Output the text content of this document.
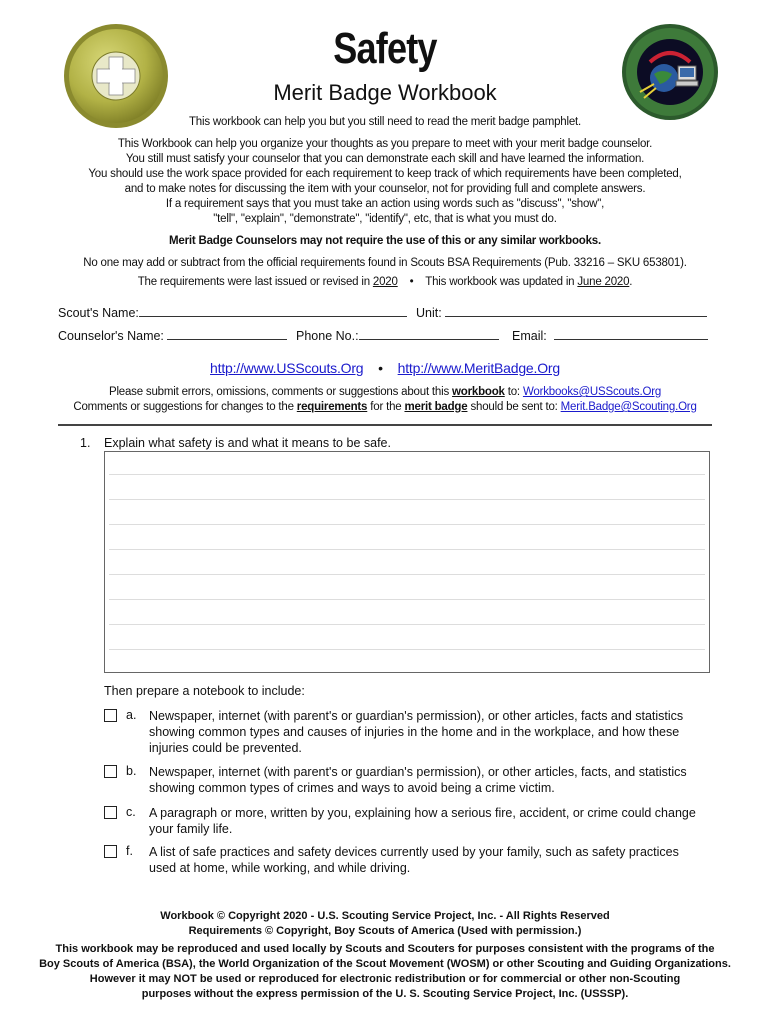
Safety
Merit Badge Workbook
This workbook can help you but you still need to read the merit badge pamphlet.
This Workbook can help you organize your thoughts as you prepare to meet with your merit badge counselor.
You still must satisfy your counselor that you can demonstrate each skill and have learned the information.
You should use the work space provided for each requirement to keep track of which requirements have been completed,
and to make notes for discussing the item with your counselor, not for providing full and complete answers.
If a requirement says that you must take an action using words such as "discuss", "show",
"tell", "explain", "demonstrate", "identify", etc, that is what you must do.
Merit Badge Counselors may not require the use of this or any similar workbooks.
No one may add or subtract from the official requirements found in Scouts BSA Requirements (Pub. 33216 – SKU 653801).
The requirements were last issued or revised in 2020 • This workbook was updated in June 2020.
Scout's Name:	Unit:
Counselor's Name:	Phone No.:	Email:
http://www.USScouts.Org • http://www.MeritBadge.Org
Please submit errors, omissions, comments or suggestions about this workbook to: Workbooks@USScouts.Org
Comments or suggestions for changes to the requirements for the merit badge should be sent to: Merit.Badge@Scouting.Org
1. Explain what safety is and what it means to be safe.
Then prepare a notebook to include:
a. Newspaper, internet (with parent's or guardian's permission), or other articles, facts and statistics showing common types and causes of injuries in the home and in the workplace, and how these injuries could be prevented.
b. Newspaper, internet (with parent's or guardian's permission), or other articles, facts, and statistics showing common types of crimes and ways to avoid being a crime victim.
c. A paragraph or more, written by you, explaining how a serious fire, accident, or crime could change your family life.
f. A list of safe practices and safety devices currently used by your family, such as safety practices used at home, while working, and while driving.
Workbook © Copyright 2020 - U.S. Scouting Service Project, Inc. - All Rights Reserved
Requirements © Copyright, Boy Scouts of America (Used with permission.)
This workbook may be reproduced and used locally by Scouts and Scouters for purposes consistent with the programs of the
Boy Scouts of America (BSA), the World Organization of the Scout Movement (WOSM) or other Scouting and Guiding Organizations.
However it may NOT be used or reproduced for electronic redistribution or for commercial or other non-Scouting
purposes without the express permission of the U. S. Scouting Service Project, Inc. (USSSP).
